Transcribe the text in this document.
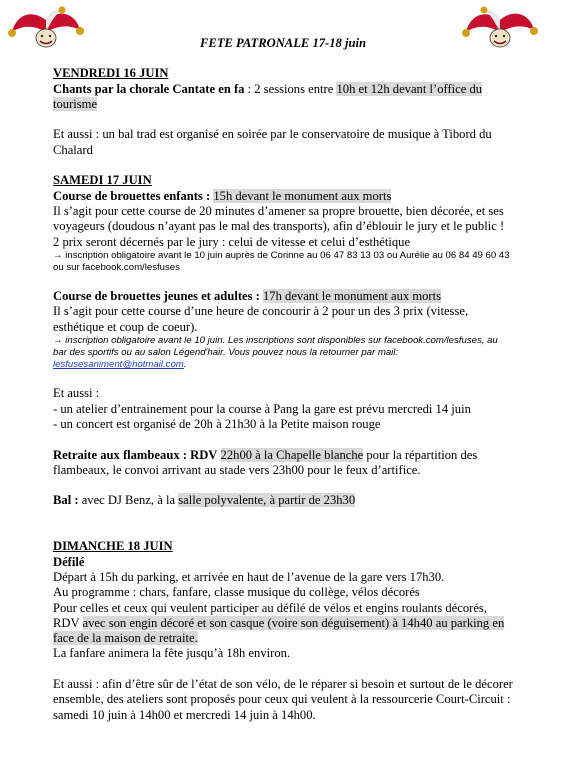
FETE PATRONALE 17-18 juin

VENDREDI 16 JUIN

Chants par la chorale Cantate en fa : 2 sessions entre 10h et 12h devant l’office du tourisme

Et aussi : un bal trad est organisé en soirée par le conservatoire de musique à Tibord du Chalard

SAMEDI 17 JUIN

Course de brouettes enfants : 15h devant le monument aux morts

Il s’agit pour cette course de 20 minutes d’amener sa propre brouette, bien décorée, et ses voyageurs (doudous n’ayant pas le mal des transports), afin d’éblouir le jury et le public !

2 prix seront décernés par le jury : celui de vitesse et celui d’esthétique

→ inscription obligatoire avant le 10 juin auprès de Corinne au 06 47 83 13 03 ou Aurélie au 06 84 49 60 43 ou sur facebook.com/lesfuses

Course de brouettes jeunes et adultes : 17h devant le monument aux morts

Il s’agit pour cette course d’une heure de concourir à 2 pour un des 3 prix (vitesse, esthétique et coup de coeur).

→ inscription obligatoire avant le 10 juin. Les inscriptions sont disponibles sur facebook.com/lesfuses, au bar des sportifs ou au salon Légend'hair. Vous pouvez nous la retourner par mail: lesfusesaniment@hotmail.com.

Et aussi :

- un atelier d’entrainement pour la course à Pang la gare est prévu mercredi 14 juin

- un concert est organisé de 20h à 21h30 à la Petite maison rouge

Retraite aux flambeaux : RDV 22h00 à la Chapelle blanche pour la répartition des flambeaux, le convoi arrivant au stade vers 23h00 pour le feux d’artifice.

Bal : avec DJ Benz, à la salle polyvalente, à partir de 23h30

DIMANCHE 18 JUIN

Défilé

Départ à 15h du parking, et arrivée en haut de l’avenue de la gare vers 17h30.

Au programme : chars, fanfare, classe musique du collège, vélos décorés

Pour celles et ceux qui veulent participer au défilé de vélos et engins roulants décorés, RDV avec son engin décoré et son casque (voire son déguisement) à 14h40 au parking en face de la maison de retraite.

La fanfare animera la fête jusqu’à 18h environ.

Et aussi : afin d’être sûr de l’état de son vélo, de le réparer si besoin et surtout de le décorer ensemble, des ateliers sont proposés pour ceux qui veulent à la ressourcerie Court-Circuit : samedi 10 juin à 14h00 et mercredi 14 juin à 14h00.
